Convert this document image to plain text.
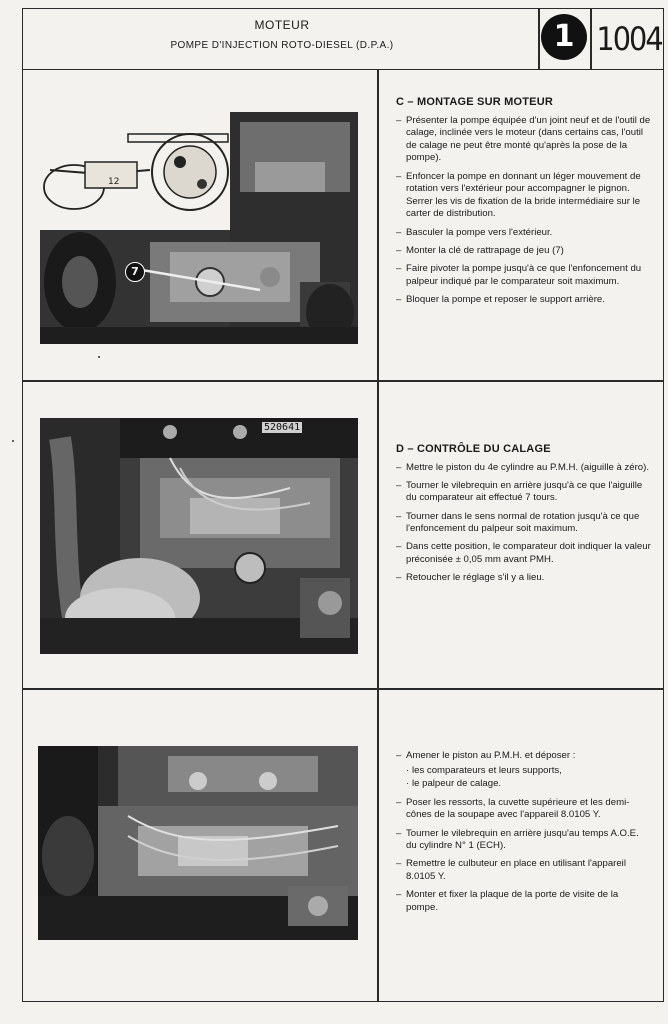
MOTEUR
POMPE D'INJECTION ROTO-DIESEL (D.P.A.)	1 1004
12
7
520641
C – MONTAGE SUR MOTEUR
– Présenter la pompe équipée d'un joint neuf et de l'outil de calage, inclinée vers le moteur (dans certains cas, l'outil de calage ne peut être monté qu'après la pose de la pompe).
– Enfoncer la pompe en donnant un léger mouvement de rotation vers l'extérieur pour accompagner le pignon. Serrer les vis de fixation de la bride intermédiaire sur le carter de distribution.
– Basculer la pompe vers l'extérieur.
– Monter la clé de rattrapage de jeu (7)
– Faire pivoter la pompe jusqu'à ce que l'enfoncement du palpeur indiqué par le comparateur soit maximum.
– Bloquer la pompe et reposer le support arrière.
D – CONTRÔLE DU CALAGE
– Mettre le piston du 4e cylindre au P.M.H. (aiguille à zéro).
– Tourner le vilebrequin en arrière jusqu'à ce que l'aiguille du comparateur ait effectué 7 tours.
– Tourner dans le sens normal de rotation jusqu'à ce que l'enfoncement du palpeur soit maximum.
– Dans cette position, le comparateur doit indiquer la valeur préconisée ± 0,05 mm avant PMH.
– Retoucher le réglage s'il y a lieu.
– Amener le piston au P.M.H. et déposer :
· les comparateurs et leurs supports,
· le palpeur de calage.
– Poser les ressorts, la cuvette supérieure et les demi-cônes de la soupape avec l'appareil 8.0105 Y.
– Tourner le vilebrequin en arrière jusqu'au temps A.O.E. du cylindre N° 1 (ECH).
– Remettre le culbuteur en place en utilisant l'appareil 8.0105 Y.
– Monter et fixer la plaque de la porte de visite de la pompe.
